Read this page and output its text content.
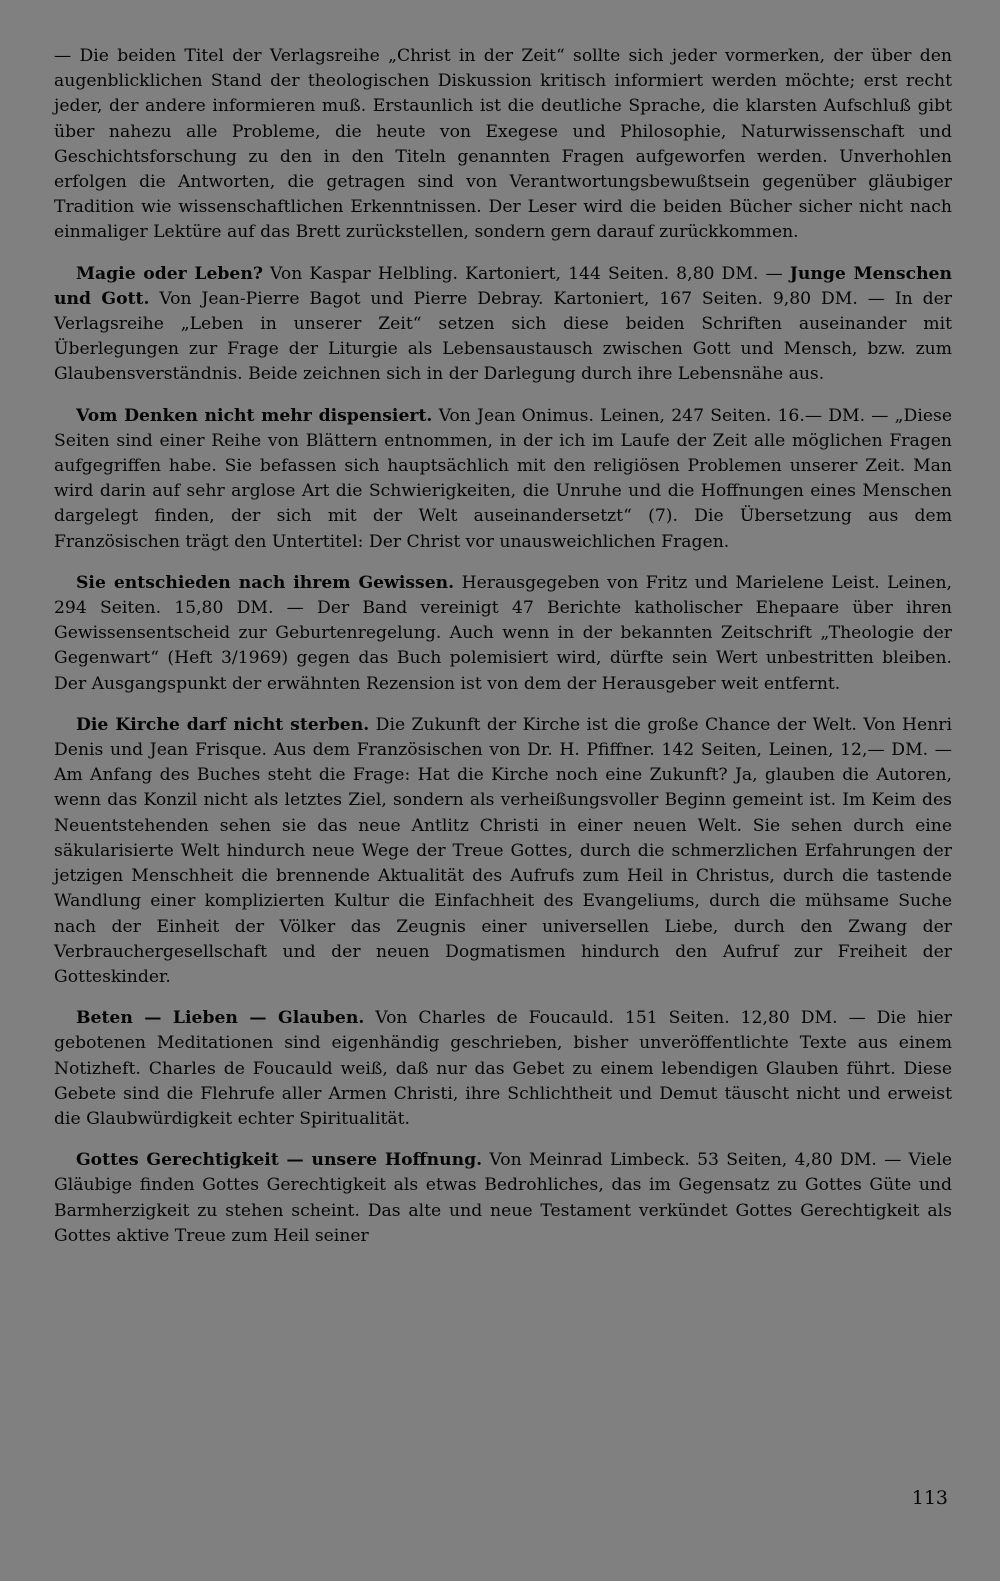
— Die beiden Titel der Verlagsreihe „Christ in der Zeit“ sollte sich jeder vormerken, der über den augenblicklichen Stand der theologischen Diskussion kritisch informiert werden möchte; erst recht jeder, der andere informieren muß. Erstaunlich ist die deutliche Sprache, die klarsten Aufschluß gibt über nahezu alle Probleme, die heute von Exegese und Philosophie, Naturwissenschaft und Geschichtsforschung zu den in den Titeln genannten Fragen aufgeworfen werden. Unverhohlen erfolgen die Antworten, die getragen sind von Verantwortungsbewußtsein gegenüber gläubiger Tradition wie wissenschaftlichen Erkenntnissen. Der Leser wird die beiden Bücher sicher nicht nach einmaliger Lektüre auf das Brett zurückstellen, sondern gern darauf zurückkommen.

Magie oder Leben? Von Kaspar Helbling. Kartoniert, 144 Seiten. 8,80 DM. — Junge Menschen und Gott. Von Jean-Pierre Bagot und Pierre Debray. Kartoniert, 167 Seiten. 9,80 DM. — In der Verlagsreihe „Leben in unserer Zeit“ setzen sich diese beiden Schriften auseinander mit Überlegungen zur Frage der Liturgie als Lebensaustausch zwischen Gott und Mensch, bzw. zum Glaubensverständnis. Beide zeichnen sich in der Darlegung durch ihre Lebensnähe aus.

Vom Denken nicht mehr dispensiert. Von Jean Onimus. Leinen, 247 Seiten. 16.— DM. — „Diese Seiten sind einer Reihe von Blättern entnommen, in der ich im Laufe der Zeit alle möglichen Fragen aufgegriffen habe. Sie befassen sich hauptsächlich mit den religiösen Problemen unserer Zeit. Man wird darin auf sehr arglose Art die Schwierigkeiten, die Unruhe und die Hoffnungen eines Menschen dargelegt finden, der sich mit der Welt auseinandersetzt“ (7). Die Übersetzung aus dem Französischen trägt den Untertitel: Der Christ vor unausweichlichen Fragen.

Sie entschieden nach ihrem Gewissen. Herausgegeben von Fritz und Marielene Leist. Leinen, 294 Seiten. 15,80 DM. — Der Band vereinigt 47 Berichte katholischer Ehepaare über ihren Gewissensentscheid zur Geburtenregelung. Auch wenn in der bekannten Zeitschrift „Theologie der Gegenwart“ (Heft 3/1969) gegen das Buch polemisiert wird, dürfte sein Wert unbestritten bleiben. Der Ausgangspunkt der erwähnten Rezension ist von dem der Herausgeber weit entfernt.

Die Kirche darf nicht sterben. Die Zukunft der Kirche ist die große Chance der Welt. Von Henri Denis und Jean Frisque. Aus dem Französischen von Dr. H. Pfiffner. 142 Seiten, Leinen, 12,— DM. — Am Anfang des Buches steht die Frage: Hat die Kirche noch eine Zukunft? Ja, glauben die Autoren, wenn das Konzil nicht als letztes Ziel, sondern als verheißungsvoller Beginn gemeint ist. Im Keim des Neuentstehenden sehen sie das neue Antlitz Christi in einer neuen Welt. Sie sehen durch eine säkularisierte Welt hindurch neue Wege der Treue Gottes, durch die schmerzlichen Erfahrungen der jetzigen Menschheit die brennende Aktualität des Aufrufs zum Heil in Christus, durch die tastende Wandlung einer komplizierten Kultur die Einfachheit des Evangeliums, durch die mühsame Suche nach der Einheit der Völker das Zeugnis einer universellen Liebe, durch den Zwang der Verbrauchergesellschaft und der neuen Dogmatismen hindurch den Aufruf zur Freiheit der Gotteskinder.

Beten — Lieben — Glauben. Von Charles de Foucauld. 151 Seiten. 12,80 DM. — Die hier gebotenen Meditationen sind eigenhändig geschrieben, bisher unveröffentlichte Texte aus einem Notizheft. Charles de Foucauld weiß, daß nur das Gebet zu einem lebendigen Glauben führt. Diese Gebete sind die Flehrufe aller Armen Christi, ihre Schlichtheit und Demut täuscht nicht und erweist die Glaubwürdigkeit echter Spiritualität.

Gottes Gerechtigkeit — unsere Hoffnung. Von Meinrad Limbeck. 53 Seiten, 4,80 DM. — Viele Gläubige finden Gottes Gerechtigkeit als etwas Bedrohliches, das im Gegensatz zu Gottes Güte und Barmherzigkeit zu stehen scheint. Das alte und neue Testament verkündet Gottes Gerechtigkeit als Gottes aktive Treue zum Heil seiner

113
